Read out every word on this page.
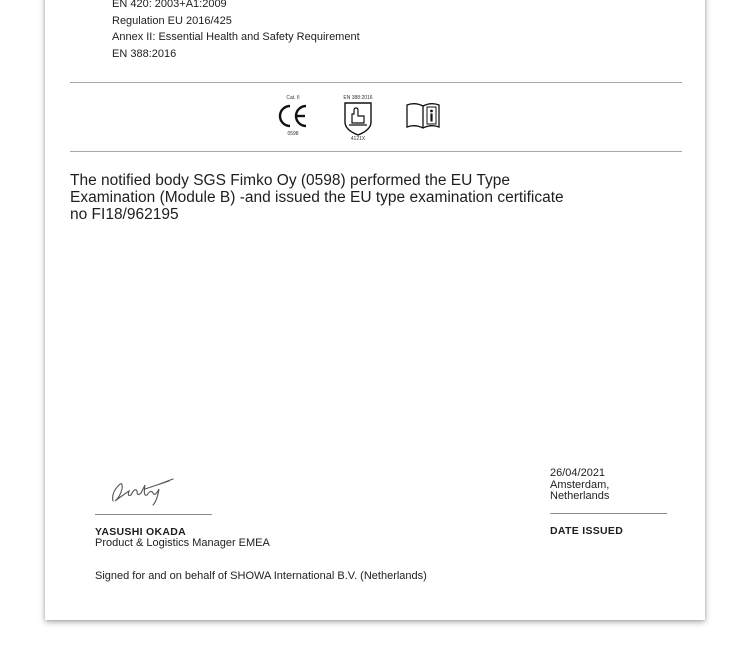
EN 420: 2003+A1:2009
Regulation EU 2016/425
Annex II: Essential Health and Safety Requirement
EN 388:2016
Cat. II
0598
EN 388:2016
4121X
The notified body SGS Fimko Oy (0598) performed the EU Type
Examination (Module B) -and issued the EU type examination certificate
no FI18/962195
YASUSHI OKADA
Product & Logistics Manager EMEA
26/04/2021
Amsterdam,
Netherlands
DATE ISSUED
Signed for and on behalf of SHOWA International B.V. (Netherlands)
